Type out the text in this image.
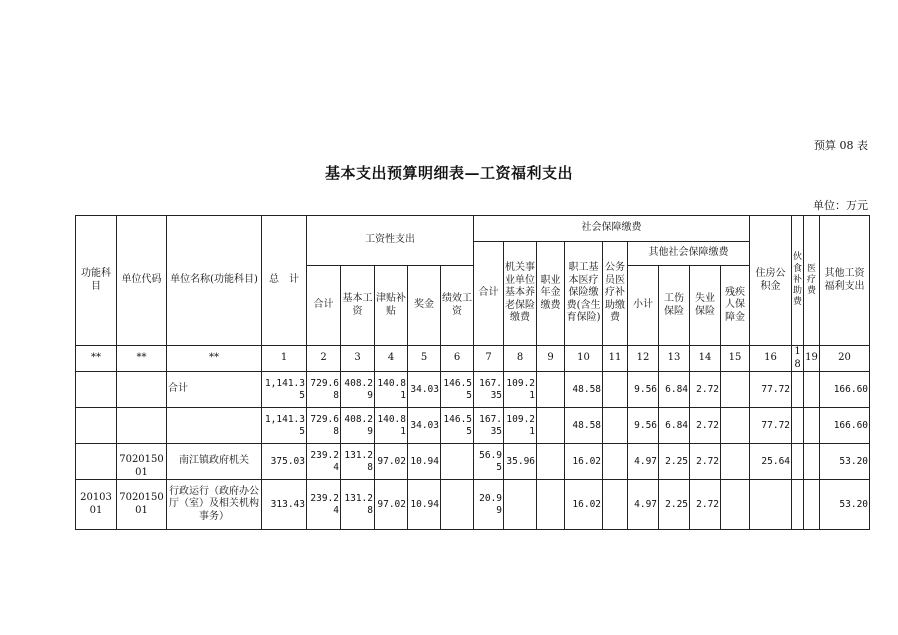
预算 08 表
基本支出预算明细表—工资福利支出
单位：万元
功能科目	单位代码	单位名称(功能科目)	总　计	工资性支出					社会保障缴费									住房公积金	伙食补助费	医疗费	其他工资福利支出
									合计	机关事业单位基本养老保险缴费	职业年金缴费	职工基本医疗保险缴费(含生育保险)	公务员医疗补助缴费	其他社会保障缴费							
				合计	基本工资	津贴补贴	奖金	绩效工资						小计	工伤保险	失业保险	残疾人保障金				
**	**	**	1	2	3	4	5	6	7	8	9	10	11	12	13	14	15	16	18	19	20
		合计	1,141.35	729.68	408.29	140.81	34.03	146.55	167.35	109.21		48.58		9.56	6.84	2.72		77.72			166.60
			1,141.35	729.68	408.29	140.81	34.03	146.55	167.35	109.21		48.58		9.56	6.84	2.72		77.72			166.60
	702015001	南江镇政府机关	375.03	239.24	131.28	97.02	10.94		56.95	35.96		16.02		4.97	2.25	2.72		25.64			53.20
2010301	702015001	行政运行（政府办公厅（室）及相关机构事务）	313.43	239.24	131.28	97.02	10.94		20.99			16.02		4.97	2.25	2.72					53.20
